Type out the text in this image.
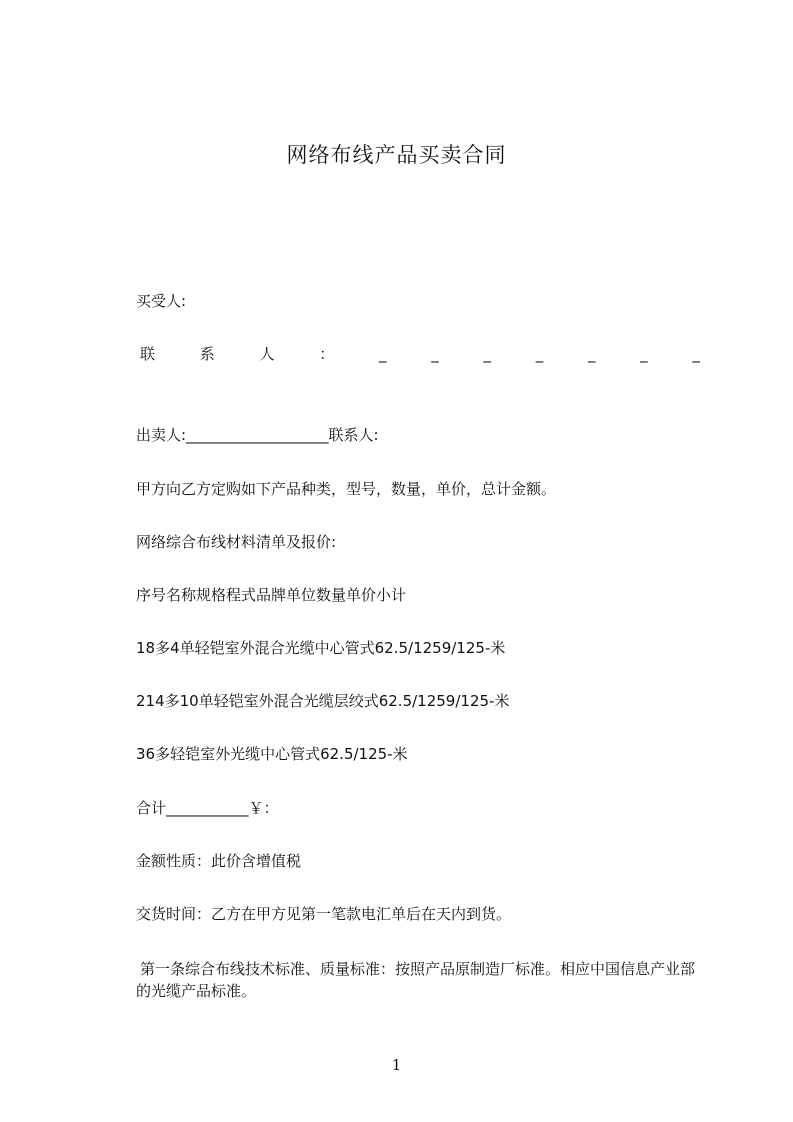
网络布线产品买卖合同
买受人:
联	系	人	：	_	_	_	_	_	_	_
出卖人:___________________联系人:
甲方向乙方定购如下产品种类，型号，数量，单价，总计金额。
网络综合布线材料清单及报价:
序号名称规格程式品牌单位数量单价小计
18多4单轻铠室外混合光缆中心管式62.5/1259/125-米
214多10单轻铠室外混合光缆层绞式62.5/1259/125-米
36多轻铠室外光缆中心管式62.5/125-米
合计___________￥：
金额性质：此价含增值税
交货时间：乙方在甲方见第一笔款电汇单后在天内到货。
第一条综合布线技术标准、质量标准：按照产品原制造厂标准。相应中国信息产业部的光缆产品标准。
1
